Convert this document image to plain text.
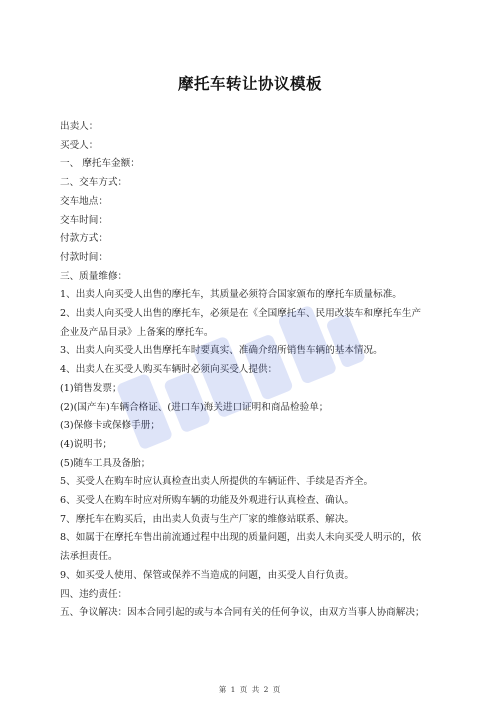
摩托车转让协议模板
出卖人：
买受人：
一、 摩托车金额：
二、交车方式：
交车地点：
交车时间：
付款方式：
付款时间：
三、质量维修：
1、出卖人向买受人出售的摩托车，其质量必须符合国家颁布的摩托车质量标准。
2、出卖人向买受人出售的摩托车，必须是在《全国摩托车、民用改装车和摩托车生产
企业及产品目录》上备案的摩托车。
3、出卖人向买受人出售摩托车时要真实、准确介绍所销售车辆的基本情况。
4、出卖人在买受人购买车辆时必须向买受人提供：
(1)销售发票；
(2)(国产车)车辆合格证、(进口车)海关进口证明和商品检验单；
(3)保修卡或保修手册；
(4)说明书；
(5)随车工具及备胎；
5、买受人在购车时应认真检查出卖人所提供的车辆证件、手续是否齐全。
6、买受人在购车时应对所购车辆的功能及外观进行认真检查、确认。
7、摩托车在购买后，由出卖人负责与生产厂家的维修站联系、解决。
8、如属于在摩托车售出前流通过程中出现的质量问题，出卖人未向买受人明示的，依
法承担责任。
9、如买受人使用、保管或保养不当造成的问题，由买受人自行负责。
四、违约责任：
五、争议解决：因本合同引起的或与本合同有关的任何争议，由双方当事人协商解决；
第 1 页 共 2 页
